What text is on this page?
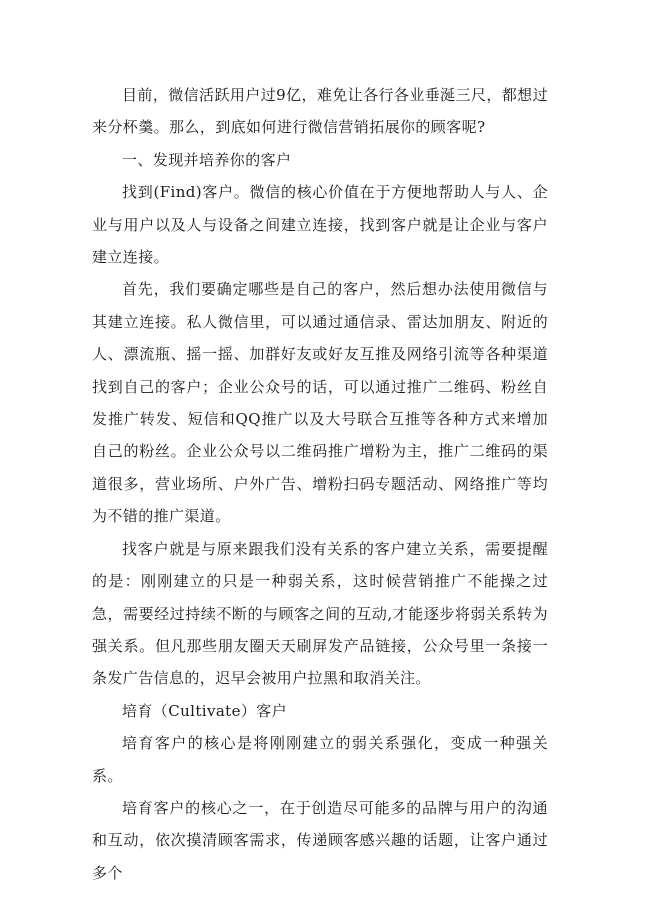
目前，微信活跃用户过9亿，难免让各行各业垂涎三尺，都想过来分杯羹。那么，到底如何进行微信营销拓展你的顾客呢?

一、发现并培养你的客户

找到(Find)客户。微信的核心价值在于方便地帮助人与人、企业与用户以及人与设备之间建立连接，找到客户就是让企业与客户建立连接。

首先，我们要确定哪些是自己的客户，然后想办法使用微信与其建立连接。私人微信里，可以通过通信录、雷达加朋友、附近的人、漂流瓶、摇一摇、加群好友或好友互推及网络引流等各种渠道找到自己的客户；企业公众号的话，可以通过推广二维码、粉丝自发推广转发、短信和QQ推广以及大号联合互推等各种方式来增加自己的粉丝。企业公众号以二维码推广增粉为主，推广二维码的渠道很多，营业场所、户外广告、增粉扫码专题活动、网络推广等均为不错的推广渠道。

找客户就是与原来跟我们没有关系的客户建立关系，需要提醒的是：刚刚建立的只是一种弱关系，这时候营销推广不能操之过急，需要经过持续不断的与顾客之间的互动,才能逐步将弱关系转为强关系。但凡那些朋友圈天天刷屏发产品链接，公众号里一条接一条发广告信息的，迟早会被用户拉黑和取消关注。

培育（Cultivate）客户

培育客户的核心是将刚刚建立的弱关系强化，变成一种强关系。

培育客户的核心之一，在于创造尽可能多的品牌与用户的沟通和互动，依次摸清顾客需求，传递顾客感兴趣的话题，让客户通过多个
